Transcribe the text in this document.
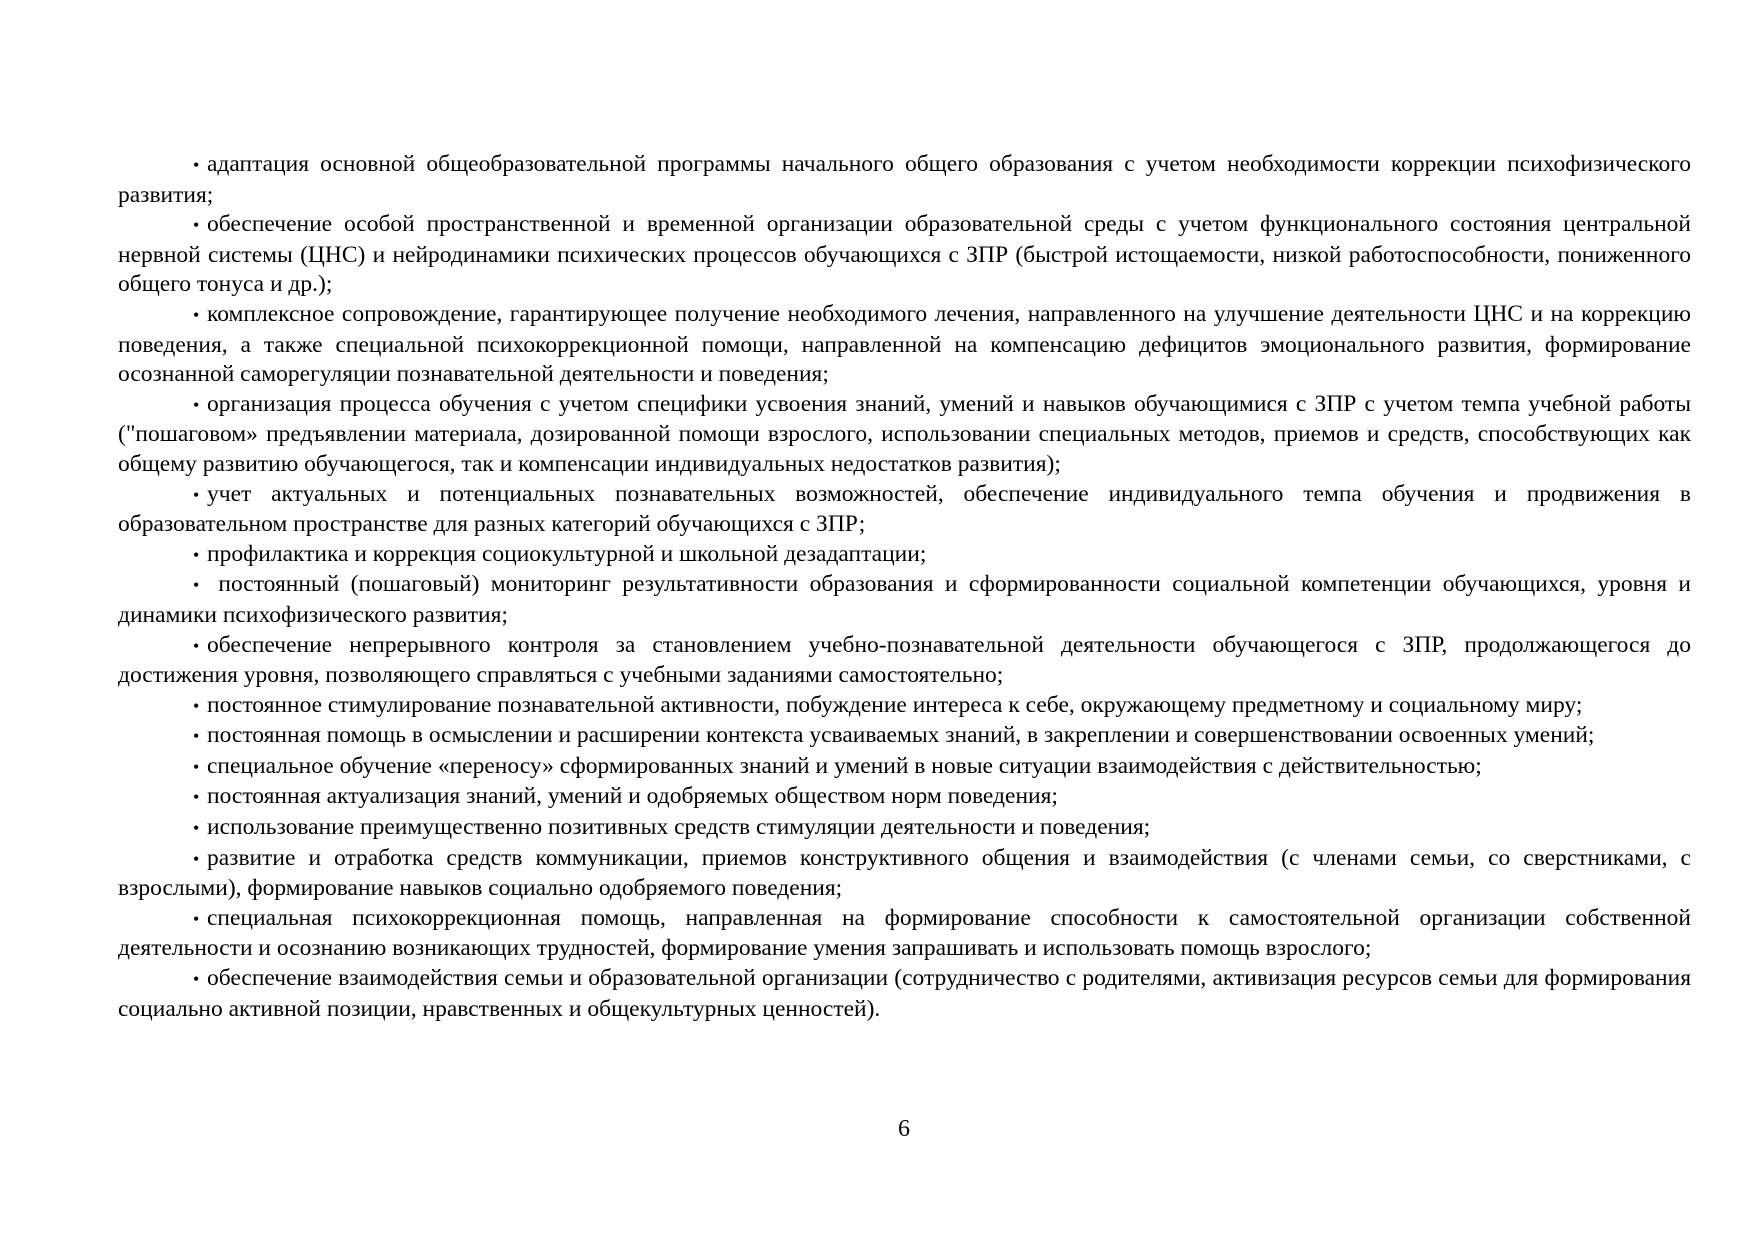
• адаптация основной общеобразовательной программы начального общего образования с учетом необходимости коррекции психофизического развития;

• обеспечение особой пространственной и временной организации образовательной среды с учетом функционального состояния центральной нервной системы (ЦНС) и нейродинамики психических процессов обучающихся с ЗПР (быстрой истощаемости, низкой работоспособности, пониженного общего тонуса и др.);

• комплексное сопровождение, гарантирующее получение необходимого лечения, направленного на улучшение деятельности ЦНС и на коррекцию поведения, а также специальной психокоррекционной помощи, направленной на компенсацию дефицитов эмоционального развития, формирование осознанной саморегуляции познавательной деятельности и поведения;

• организация процесса обучения с учетом специфики усвоения знаний, умений и навыков обучающимися с ЗПР с учетом темпа учебной работы ("пошаговом» предъявлении материала, дозированной помощи взрослого, использовании специальных методов, приемов и средств, способствующих как общему развитию обучающегося, так и компенсации индивидуальных недостатков развития);

• учет актуальных и потенциальных познавательных возможностей, обеспечение индивидуального темпа обучения и продвижения в образовательном пространстве для разных категорий обучающихся с ЗПР;

• профилактика и коррекция социокультурной и школьной дезадаптации;

• постоянный (пошаговый) мониторинг результативности образования и сформированности социальной компетенции обучающихся, уровня и динамики психофизического развития;

• обеспечение непрерывного контроля за становлением учебно-познавательной деятельности обучающегося с ЗПР, продолжающегося до достижения уровня, позволяющего справляться с учебными заданиями самостоятельно;

• постоянное стимулирование познавательной активности, побуждение интереса к себе, окружающему предметному и социальному миру;

• постоянная помощь в осмыслении и расширении контекста усваиваемых знаний, в закреплении и совершенствовании освоенных умений;

• специальное обучение «переносу» сформированных знаний и умений в новые ситуации взаимодействия с действительностью;

• постоянная актуализация знаний, умений и одобряемых обществом норм поведения;

• использование преимущественно позитивных средств стимуляции деятельности и поведения;

• развитие и отработка средств коммуникации, приемов конструктивного общения и взаимодействия (с членами семьи, со сверстниками, с взрослыми), формирование навыков социально одобряемого поведения;

• специальная психокоррекционная помощь, направленная на формирование способности к самостоятельной организации собственной деятельности и осознанию возникающих трудностей, формирование умения запрашивать и использовать помощь взрослого;

• обеспечение взаимодействия семьи и образовательной организации (сотрудничество с родителями, активизация ресурсов семьи для формирования социально активной позиции, нравственных и общекультурных ценностей).

6
